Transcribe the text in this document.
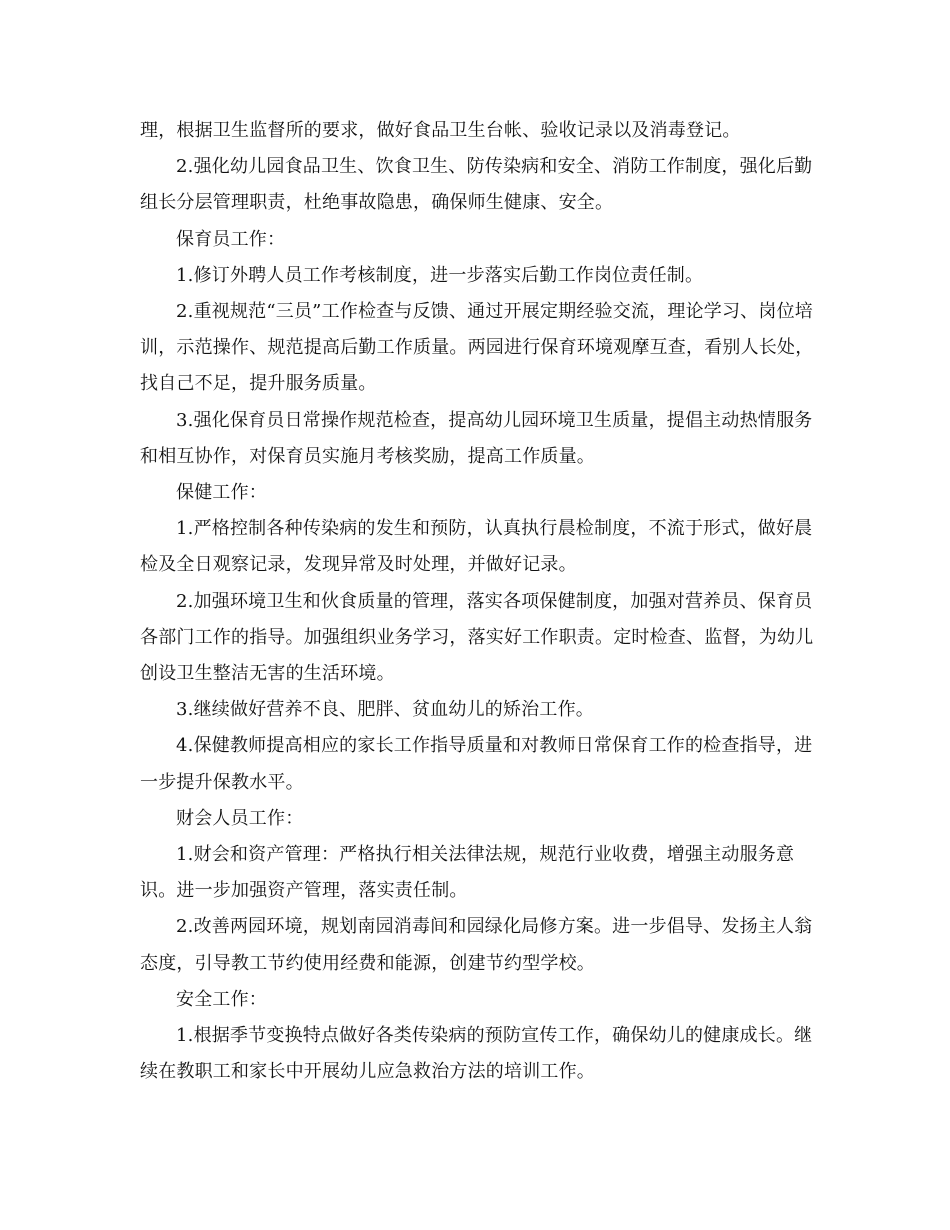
理，根据卫生监督所的要求，做好食品卫生台帐、验收记录以及消毒登记。

2.强化幼儿园食品卫生、饮食卫生、防传染病和安全、消防工作制度，强化后勤组长分层管理职责，杜绝事故隐患，确保师生健康、安全。

保育员工作：

1.修订外聘人员工作考核制度，进一步落实后勤工作岗位责任制。

2.重视规范“三员”工作检查与反馈、通过开展定期经验交流，理论学习、岗位培训，示范操作、规范提高后勤工作质量。两园进行保育环境观摩互查，看别人长处，找自己不足，提升服务质量。

3.强化保育员日常操作规范检查，提高幼儿园环境卫生质量，提倡主动热情服务和相互协作，对保育员实施月考核奖励，提高工作质量。

保健工作：

1.严格控制各种传染病的发生和预防，认真执行晨检制度，不流于形式，做好晨检及全日观察记录，发现异常及时处理，并做好记录。

2.加强环境卫生和伙食质量的管理，落实各项保健制度，加强对营养员、保育员各部门工作的指导。加强组织业务学习，落实好工作职责。定时检查、监督，为幼儿创设卫生整洁无害的生活环境。

3.继续做好营养不良、肥胖、贫血幼儿的矫治工作。

4.保健教师提高相应的家长工作指导质量和对教师日常保育工作的检查指导，进一步提升保教水平。

财会人员工作：

1.财会和资产管理：严格执行相关法律法规，规范行业收费，增强主动服务意识。进一步加强资产管理，落实责任制。

2.改善两园环境，规划南园消毒间和园绿化局修方案。进一步倡导、发扬主人翁态度，引导教工节约使用经费和能源，创建节约型学校。

安全工作：

1.根据季节变换特点做好各类传染病的预防宣传工作，确保幼儿的健康成长。继续在教职工和家长中开展幼儿应急救治方法的培训工作。
